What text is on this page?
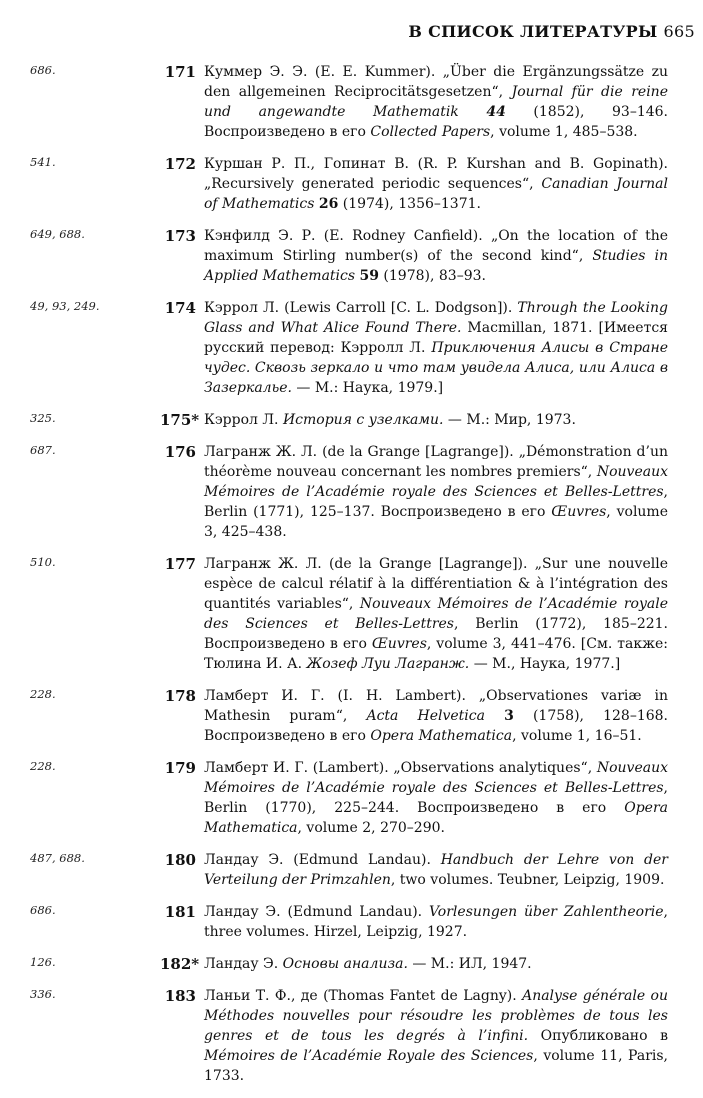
В СПИСОК ЛИТЕРАТУРЫ 665
686.	171 Куммер Э. Э. (E. E. Kummer). „Über die Ergänzungssätze zu den allgemeinen Reciprocitätsgesetzen“, Journal für die reine und angewandte Mathematik 44 (1852), 93–146. Воспроизведено в его Collected Papers, volume 1, 485–538.
541.	172 Куршан Р. П., Гопинат В. (R. P. Kurshan and B. Gopinath). „Recursively generated periodic sequences“, Canadian Journal of Mathematics 26 (1974), 1356–1371.
649, 688.	173 Кэнфилд Э. Р. (E. Rodney Canfield). „On the location of the maximum Stirling number(s) of the second kind“, Studies in Applied Mathematics 59 (1978), 83–93.
49, 93, 249.	174 Кэррол Л. (Lewis Carroll [C. L. Dodgson]). Through the Looking Glass and What Alice Found There. Macmillan, 1871. [Имеется русский перевод: Кэрролл Л. Приключения Алисы в Стране чудес. Сквозь зеркало и что там увидела Алиса, или Алиса в Зазеркалье. — М.: Наука, 1979.]
325.	175* Кэррол Л. История с узелками. — М.: Мир, 1973.
687.	176 Лагранж Ж. Л. (de la Grange [Lagrange]). „Démonstration d’un théorème nouveau concernant les nombres premiers“, Nouveaux Mémoires de l’Académie royale des Sciences et Belles-Lettres, Berlin (1771), 125–137. Воспроизведено в его Œuvres, volume 3, 425–438.
510.	177 Лагранж Ж. Л. (de la Grange [Lagrange]). „Sur une nouvelle espèce de calcul rélatif à la différentiation & à l’intégration des quantités variables“, Nouveaux Mémoires de l’Académie royale des Sciences et Belles-Lettres, Berlin (1772), 185–221. Воспроизведено в его Œuvres, volume 3, 441–476. [См. также: Тюлина И. А. Жозеф Луи Лагранж. — М., Наука, 1977.]
228.	178 Ламберт И. Г. (I. H. Lambert). „Observationes variæ in Mathesin puram“, Acta Helvetica 3 (1758), 128–168. Воспроизведено в его Opera Mathematica, volume 1, 16–51.
228.	179 Ламберт И. Г. (Lambert). „Observations analytiques“, Nouveaux Mémoires de l’Académie royale des Sciences et Belles-Lettres, Berlin (1770), 225–244. Воспроизведено в его Opera Mathematica, volume 2, 270–290.
487, 688.	180 Ландау Э. (Edmund Landau). Handbuch der Lehre von der Verteilung der Primzahlen, two volumes. Teubner, Leipzig, 1909.
686.	181 Ландау Э. (Edmund Landau). Vorlesungen über Zahlentheorie, three volumes. Hirzel, Leipzig, 1927.
126.	182* Ландау Э. Основы анализа. — М.: ИЛ, 1947.
336.	183 Ланьи Т. Ф., де (Thomas Fantet de Lagny). Analyse générale ou Méthodes nouvelles pour résoudre les problèmes de tous les genres et de tous les degrés à l’infini. Опубликовано в Mémoires de l’Académie Royale des Sciences, volume 11, Paris, 1733.
